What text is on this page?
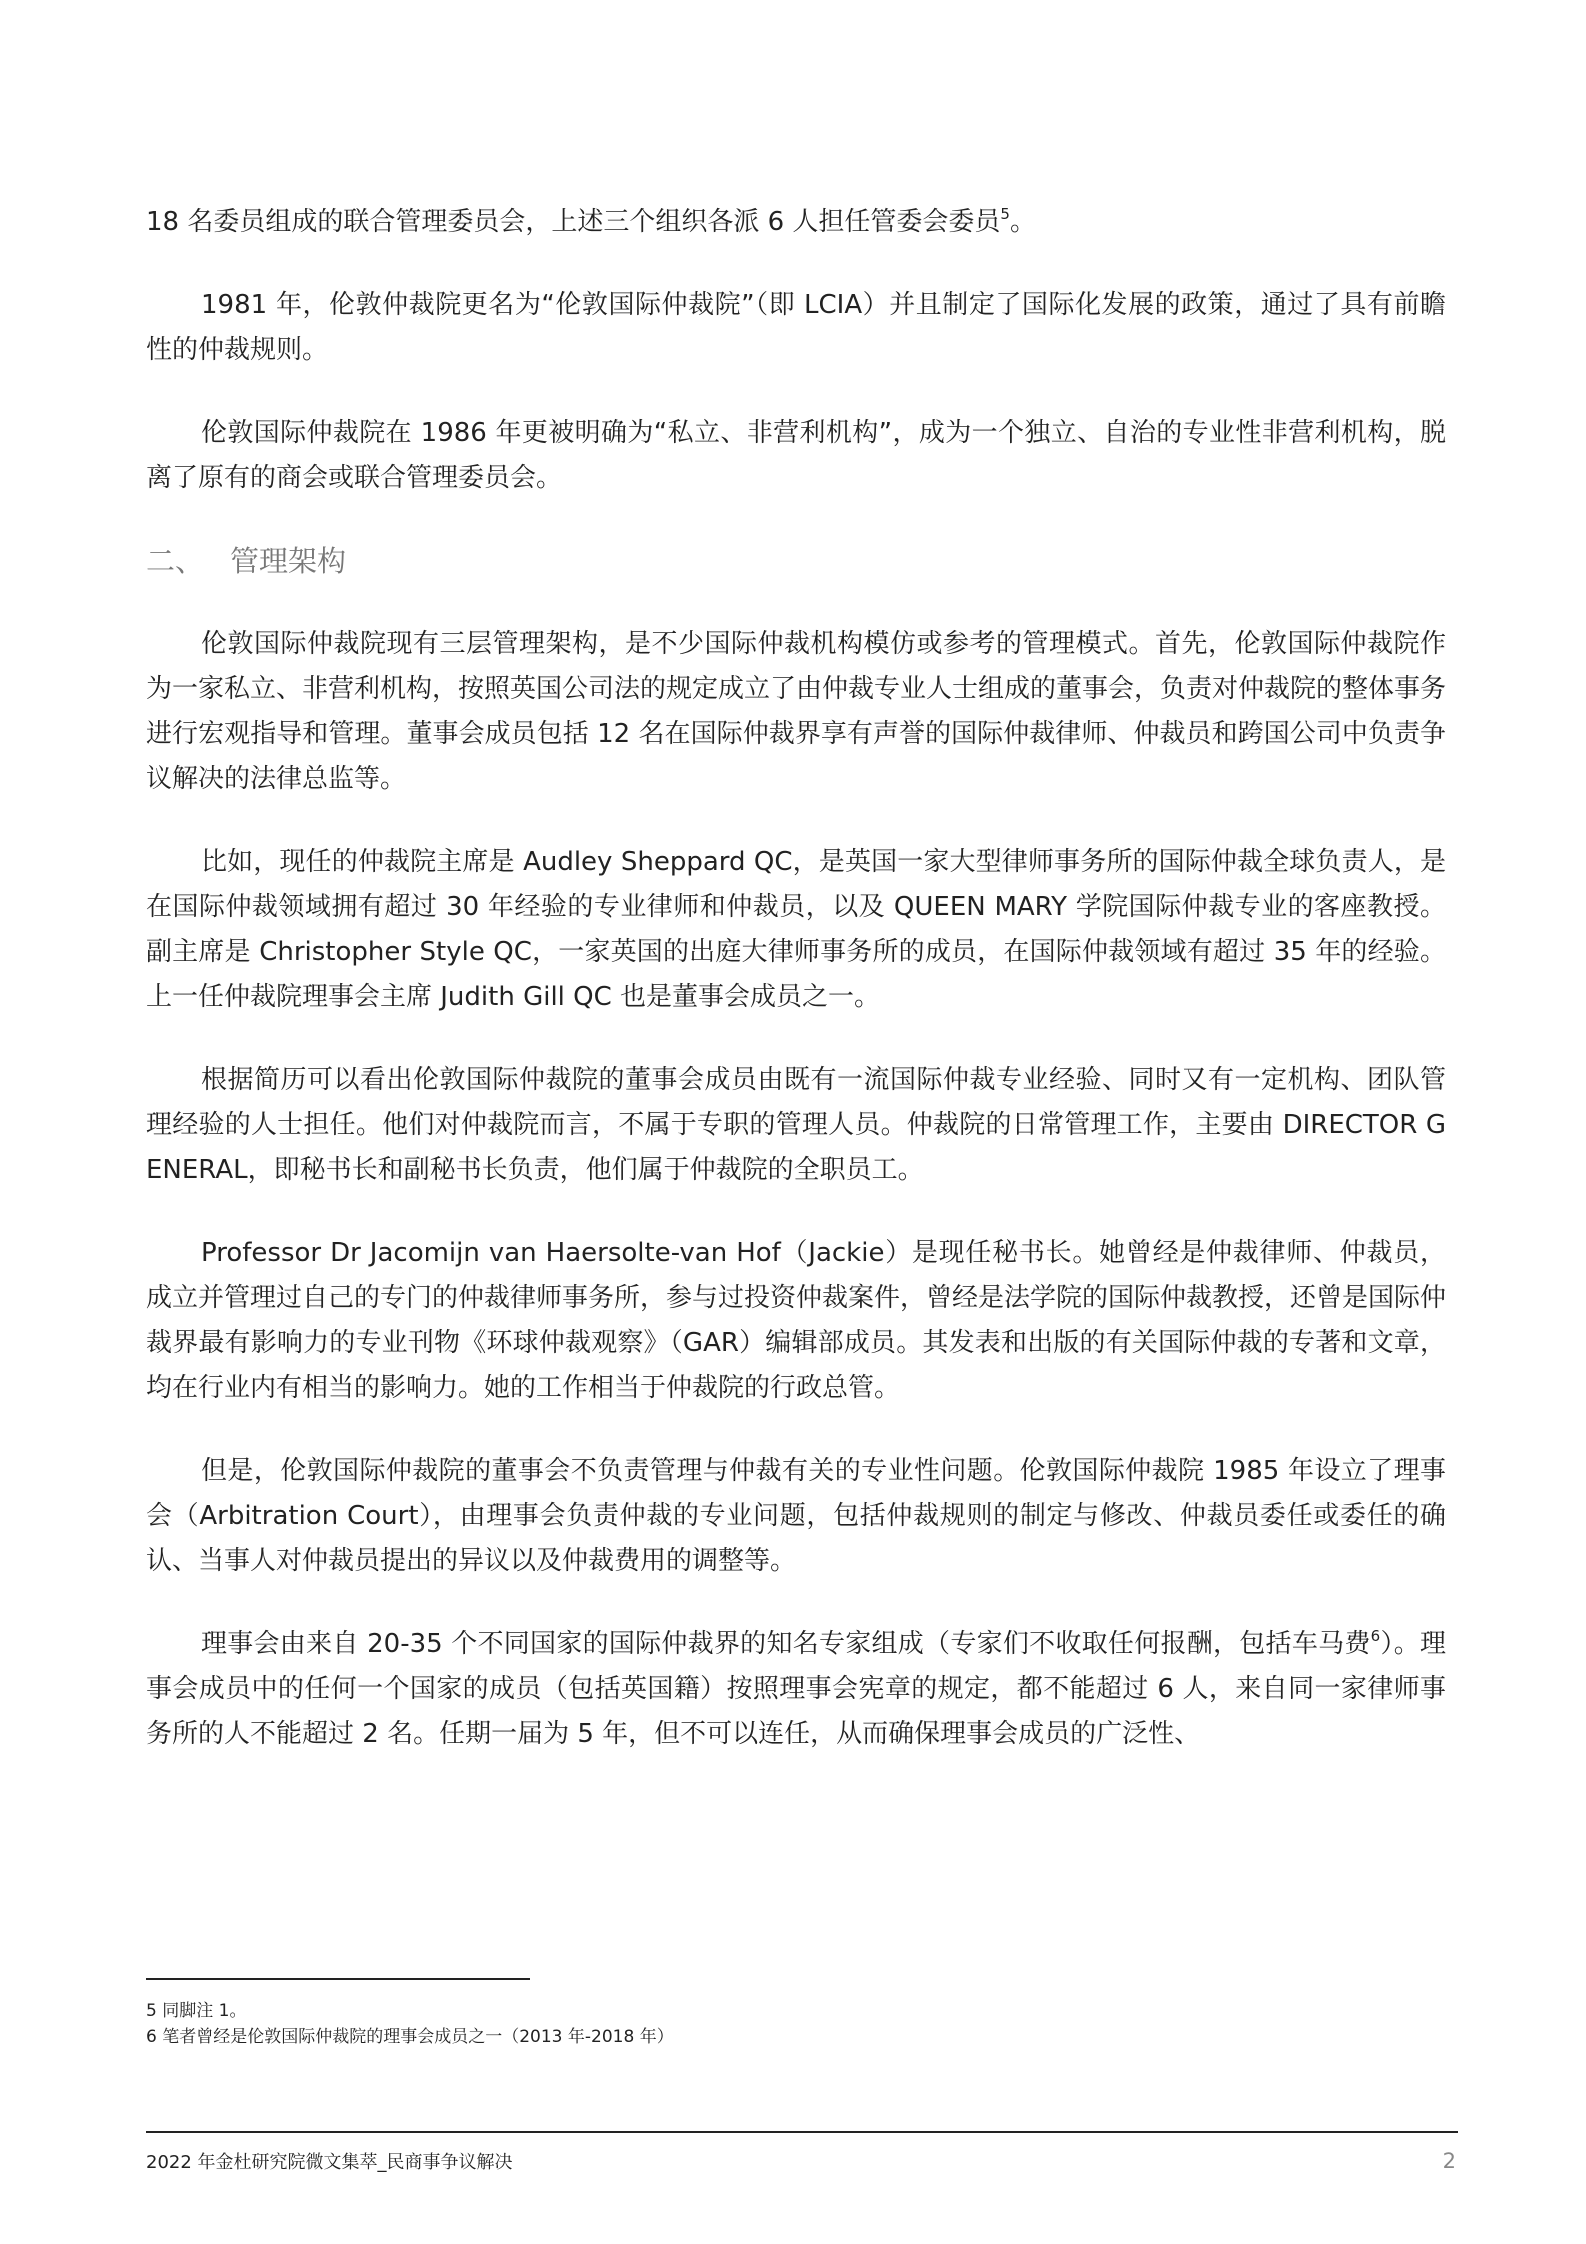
18 名委员组成的联合管理委员会，上述三个组织各派 6 人担任管委会委员$^5$。

1981 年，伦敦仲裁院更名为“伦敦国际仲裁院”（即 LCIA）并且制定了国际化发展的政策，通过了具有前瞻性的仲裁规则。

伦敦国际仲裁院在 1986 年更被明确为“私立、非营利机构”，成为一个独立、自治的专业性非营利机构，脱离了原有的商会或联合管理委员会。

二、 管理架构

伦敦国际仲裁院现有三层管理架构，是不少国际仲裁机构模仿或参考的管理模式。首先，伦敦国际仲裁院作为一家私立、非营利机构，按照英国公司法的规定成立了由仲裁专业人士组成的董事会，负责对仲裁院的整体事务进行宏观指导和管理。董事会成员包括 12 名在国际仲裁界享有声誉的国际仲裁律师、仲裁员和跨国公司中负责争议解决的法律总监等。

比如，现任的仲裁院主席是 Audley Sheppard QC，是英国一家大型律师事务所的国际仲裁全球负责人，是在国际仲裁领域拥有超过 30 年经验的专业律师和仲裁员，以及 QUEEN MARY 学院国际仲裁专业的客座教授。副主席是 Christopher Style QC，一家英国的出庭大律师事务所的成员，在国际仲裁领域有超过 35 年的经验。上一任仲裁院理事会主席 Judith Gill QC 也是董事会成员之一。

根据简历可以看出伦敦国际仲裁院的董事会成员由既有一流国际仲裁专业经验、同时又有一定机构、团队管理经验的人士担任。他们对仲裁院而言，不属于专职的管理人员。仲裁院的日常管理工作，主要由 DIRECTOR GENERAL，即秘书长和副秘书长负责，他们属于仲裁院的全职员工。

Professor Dr Jacomijn van Haersolte-van Hof（Jackie）是现任秘书长。她曾经是仲裁律师、仲裁员，成立并管理过自己的专门的仲裁律师事务所，参与过投资仲裁案件，曾经是法学院的国际仲裁教授，还曾是国际仲裁界最有影响力的专业刊物《环球仲裁观察》（GAR）编辑部成员。其发表和出版的有关国际仲裁的专著和文章，均在行业内有相当的影响力。她的工作相当于仲裁院的行政总管。

但是，伦敦国际仲裁院的董事会不负责管理与仲裁有关的专业性问题。伦敦国际仲裁院 1985 年设立了理事会（Arbitration Court），由理事会负责仲裁的专业问题，包括仲裁规则的制定与修改、仲裁员委任或委任的确认、当事人对仲裁员提出的异议以及仲裁费用的调整等。

理事会由来自 20-35 个不同国家的国际仲裁界的知名专家组成（专家们不收取任何报酬，包括车马费$^6$）。理事会成员中的任何一个国家的成员（包括英国籍）按照理事会宪章的规定，都不能超过 6 人，来自同一家律师事务所的人不能超过 2 名。任期一届为 5 年，但不可以连任，从而确保理事会成员的广泛性、

5 同脚注 1。
6 笔者曾经是伦敦国际仲裁院的理事会成员之一（2013 年-2018 年）
2022 年金杜研究院微文集萃_民商事争议解决	2
